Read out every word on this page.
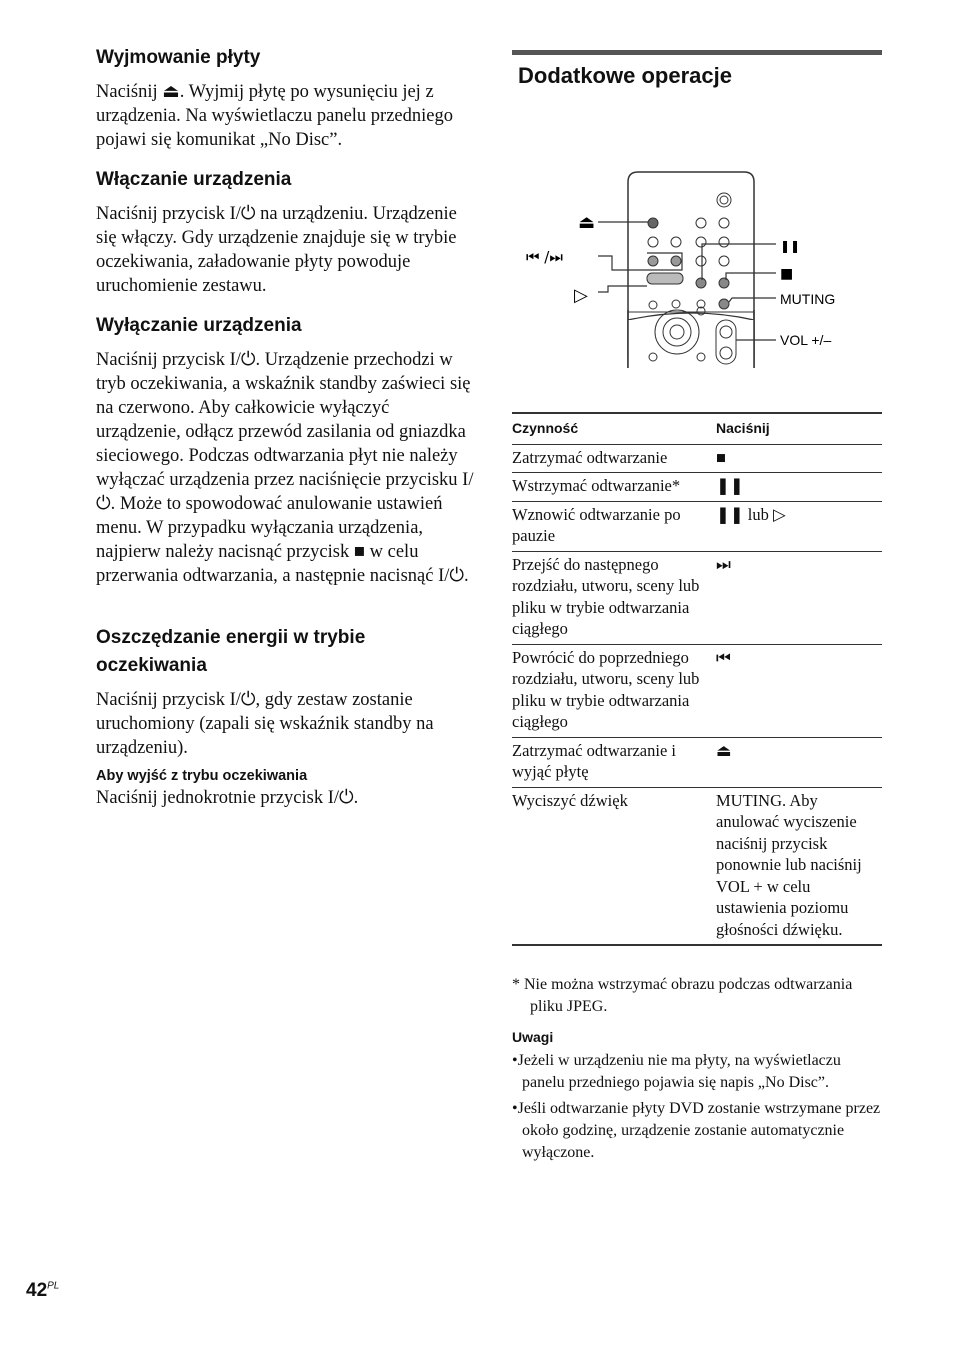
Wyjmowanie płyty

Naciśnij ⏏. Wyjmij płytę po wysunięciu jej z urządzenia. Na wyświetlaczu panelu przedniego pojawi się komunikat „No Disc”.

Włączanie urządzenia

Naciśnij przycisk I/⏻ na urządzeniu. Urządzenie się włączy. Gdy urządzenie znajduje się w trybie oczekiwania, załadowanie płyty powoduje uruchomienie zestawu.

Wyłączanie urządzenia

Naciśnij przycisk I/⏻. Urządzenie przechodzi w tryb oczekiwania, a wskaźnik standby zaświeci się na czerwono. Aby całkowicie wyłączyć urządzenie, odłącz przewód zasilania od gniazdka sieciowego. Podczas odtwarzania płyt nie należy wyłączać urządzenia przez naciśnięcie przycisku I/⏻. Może to spowodować anulowanie ustawień menu. W przypadku wyłączania urządzenia, najpierw należy nacisnąć przycisk ■ w celu przerwania odtwarzania, a następnie nacisnąć I/⏻.

Oszczędzanie energii w trybie oczekiwania

Naciśnij przycisk I/⏻, gdy zestaw zostanie uruchomiony (zapali się wskaźnik standby na urządzeniu).

Aby wyjść z trybu oczekiwania

Naciśnij jednokrotnie przycisk I/⏻.

Dodatkowe operacje
⏏
⏮ /⏭
▷
❚❚
■
MUTING
VOL +/–
Czynność	Naciśnij
Zatrzymać odtwarzanie	■
Wstrzymać odtwarzanie*	❚❚
Wznowić odtwarzanie po pauzie	❚❚ lub ▷
Przejść do następnego rozdziału, utworu, sceny lub pliku w trybie odtwarzania ciągłego	⏭
Powrócić do poprzedniego rozdziału, utworu, sceny lub pliku w trybie odtwarzania ciągłego	⏮
Zatrzymać odtwarzanie i wyjąć płytę	⏏
Wyciszyć dźwięk	MUTING. Aby anulować wyciszenie naciśnij przycisk ponownie lub naciśnij VOL + w celu ustawienia poziomu głośności dźwięku.

* Nie można wstrzymać obrazu podczas odtwarzania pliku JPEG.

Uwagi

•Jeżeli w urządzeniu nie ma płyty, na wyświetlaczu panelu przedniego pojawia się napis „No Disc”.

•Jeśli odtwarzanie płyty DVD zostanie wstrzymane przez około godzinę, urządzenie zostanie automatycznie wyłączone.

$42^{PL}$
